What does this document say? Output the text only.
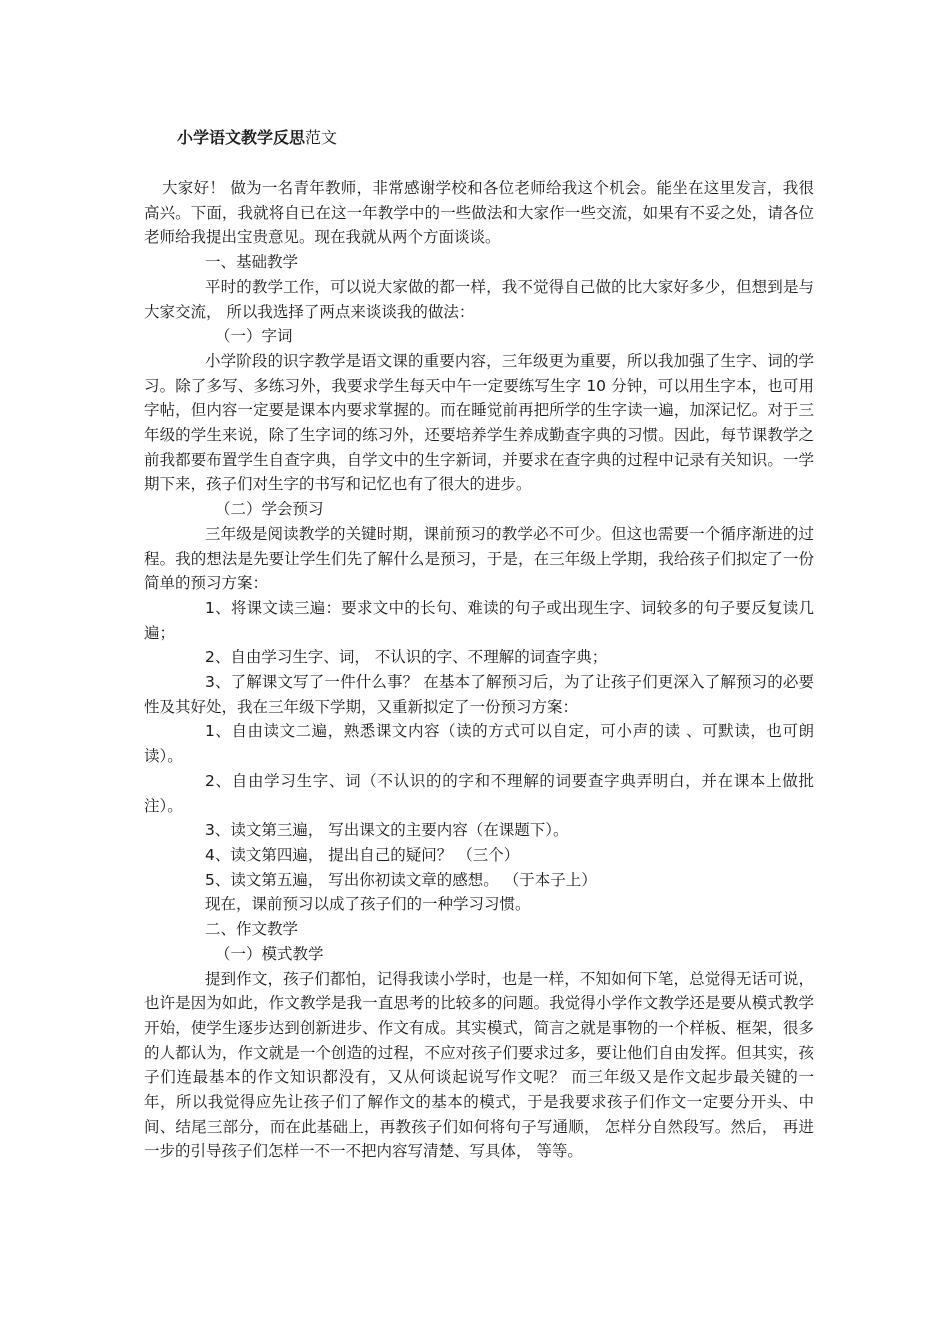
小学语文教学反思范文

大家好！ 做为一名青年教师，非常感谢学校和各位老师给我这个机会。能坐在这里发言，我很高兴。下面，我就将自已在这一年教学中的一些做法和大家作一些交流，如果有不妥之处，请各位老师给我提出宝贵意见。现在我就从两个方面谈谈。

一、基础教学

平时的教学工作，可以说大家做的都一样，我不觉得自己做的比大家好多少，但想到是与大家交流， 所以我选择了两点来谈谈我的做法：

（一）字词

小学阶段的识字教学是语文课的重要内容，三年级更为重要，所以我加强了生字、词的学习。除了多写、多练习外，我要求学生每天中午一定要练写生字 10 分钟，可以用生字本，也可用字帖，但内容一定要是课本内要求掌握的。而在睡觉前再把所学的生字读一遍，加深记忆。对于三年级的学生来说，除了生字词的练习外，还要培养学生养成勤查字典的习惯。因此，每节课教学之前我都要布置学生自查字典，自学文中的生字新词，并要求在查字典的过程中记录有关知识。一学期下来，孩子们对生字的书写和记忆也有了很大的进步。

（二）学会预习

三年级是阅读教学的关键时期，课前预习的教学必不可少。但这也需要一个循序渐进的过程。我的想法是先要让学生们先了解什么是预习，于是，在三年级上学期，我给孩子们拟定了一份简单的预习方案：

1、将课文读三遍：要求文中的长句、难读的句子或出现生字、词较多的句子要反复读几遍；

2、自由学习生字、词， 不认识的字、不理解的词查字典；

3、了解课文写了一件什么事？ 在基本了解预习后，为了让孩子们更深入了解预习的必要性及其好处，我在三年级下学期，又重新拟定了一份预习方案：

1、自由读文二遍，熟悉课文内容（读的方式可以自定，可小声的读 、可默读，也可朗读）。

2、自由学习生字、词（不认识的的字和不理解的词要查字典弄明白，并在课本上做批注）。

3、读文第三遍， 写出课文的主要内容（在课题下）。

4、读文第四遍， 提出自己的疑问？ （三个）

5、读文第五遍， 写出你初读文章的感想。 （于本子上）

现在，课前预习以成了孩子们的一种学习习惯。

二、作文教学

（一）模式教学

提到作文，孩子们都怕，记得我读小学时，也是一样，不知如何下笔，总觉得无话可说， 也许是因为如此，作文教学是我一直思考的比较多的问题。我觉得小学作文教学还是要从模式教学开始，使学生逐步达到创新进步、作文有成。其实模式，简言之就是事物的一个样板、框架，很多的人都认为，作文就是一个创造的过程，不应对孩子们要求过多，要让他们自由发挥。但其实，孩子们连最基本的作文知识都没有，又从何谈起说写作文呢？ 而三年级又是作文起步最关键的一年，所以我觉得应先让孩子们了解作文的基本的模式，于是我要求孩子们作文一定要分开头、中间、结尾三部分，而在此基础上，再教孩子们如何将句子写通顺， 怎样分自然段写。然后， 再进一步的引导孩子们怎样一不一不把内容写清楚、写具体， 等等。
